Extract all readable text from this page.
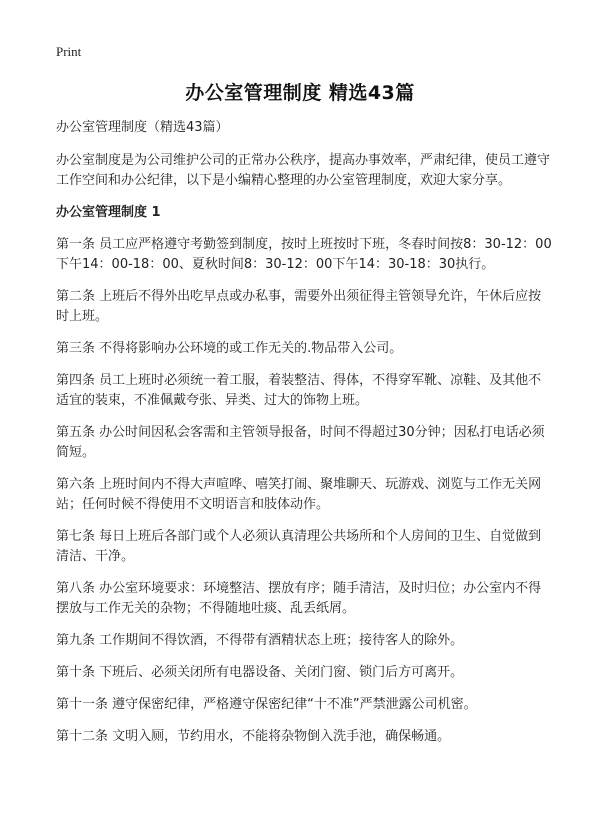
Print
办公室管理制度 精选43篇

办公室管理制度（精选43篇）

办公室制度是为公司维护公司的正常办公秩序，提高办事效率，严肃纪律，使员工遵守工作空间和办公纪律，以下是小编精心整理的办公室管理制度，欢迎大家分享。

办公室管理制度 1

第一条 员工应严格遵守考勤签到制度，按时上班按时下班，冬春时间按8：30-12：00下午14：00-18：00、夏秋时间8：30-12：00下午14：30-18：30执行。

第二条 上班后不得外出吃早点或办私事，需要外出须征得主管领导允许，午休后应按时上班。

第三条 不得将影响办公环境的或工作无关的.物品带入公司。

第四条 员工上班时必须统一着工服，着装整洁、得体，不得穿军靴、凉鞋、及其他不适宜的装束，不准佩戴夸张、异类、过大的饰物上班。

第五条 办公时间因私会客需和主管领导报备，时间不得超过30分钟；因私打电话必须简短。

第六条 上班时间内不得大声喧哗、嘻笑打闹、聚堆聊天、玩游戏、浏览与工作无关网站；任何时候不得使用不文明语言和肢体动作。

第七条 每日上班后各部门或个人必须认真清理公共场所和个人房间的卫生、自觉做到清洁、干净。

第八条 办公室环境要求：环境整洁、摆放有序；随手清洁，及时归位；办公室内不得摆放与工作无关的杂物；不得随地吐痰、乱丢纸屑。

第九条 工作期间不得饮酒，不得带有酒精状态上班；接待客人的除外。

第十条 下班后、必须关闭所有电器设备、关闭门窗、锁门后方可离开。

第十一条 遵守保密纪律，严格遵守保密纪律“十不准”严禁泄露公司机密。

第十二条 文明入厕，节约用水，不能将杂物倒入洗手池，确保畅通。
